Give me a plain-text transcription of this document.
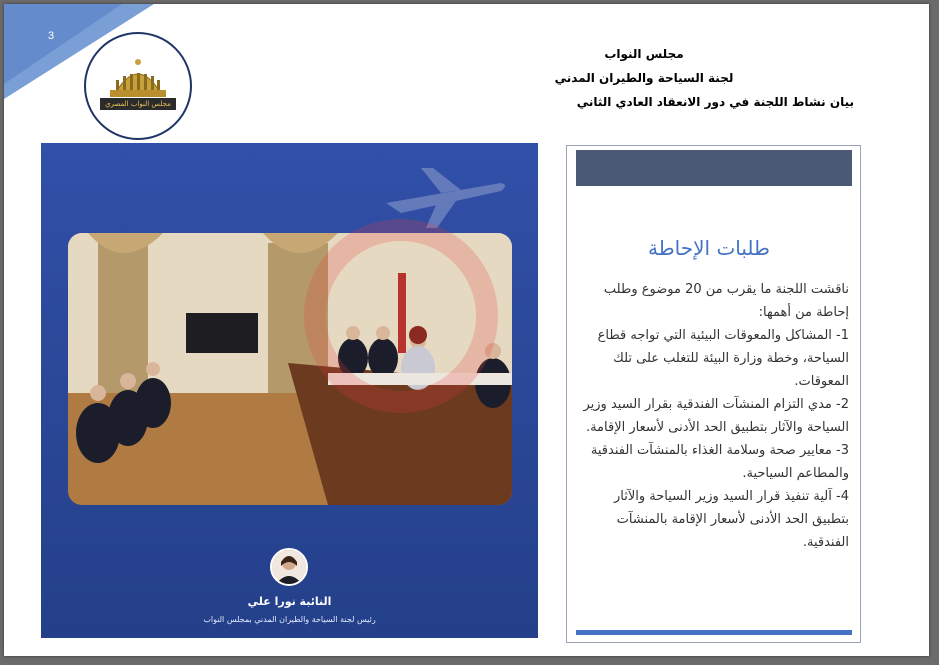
3
مجلس النواب المصري
مجلس النواب
لجنة السياحة والطيران المدني
بيان نشاط اللجنة في دور الانعقاد العادي الثاني
النائبة نورا علي
رئيس لجنة السياحة والطيران المدني بمجلس النواب
طلبات الإحاطة

ناقشت اللجنة ما يقرب من 20 موضوع وطلب إحاطة من أهمها:

1- المشاكل والمعوقات البيئية التي تواجه قطاع السياحة، وخطة وزارة البيئة للتغلب على تلك المعوقات.
2- مدي التزام المنشآت الفندقية بقرار السيد وزير السياحة والآثار بتطبيق الحد الأدنى لأسعار الإقامة.
3- معايير صحة وسلامة الغذاء بالمنشآت الفندقية والمطاعم السياحية.
4- آلية تنفيذ قرار السيد وزير السياحة والآثار بتطبيق الحد الأدنى لأسعار الإقامة بالمنشآت الفندقية.
